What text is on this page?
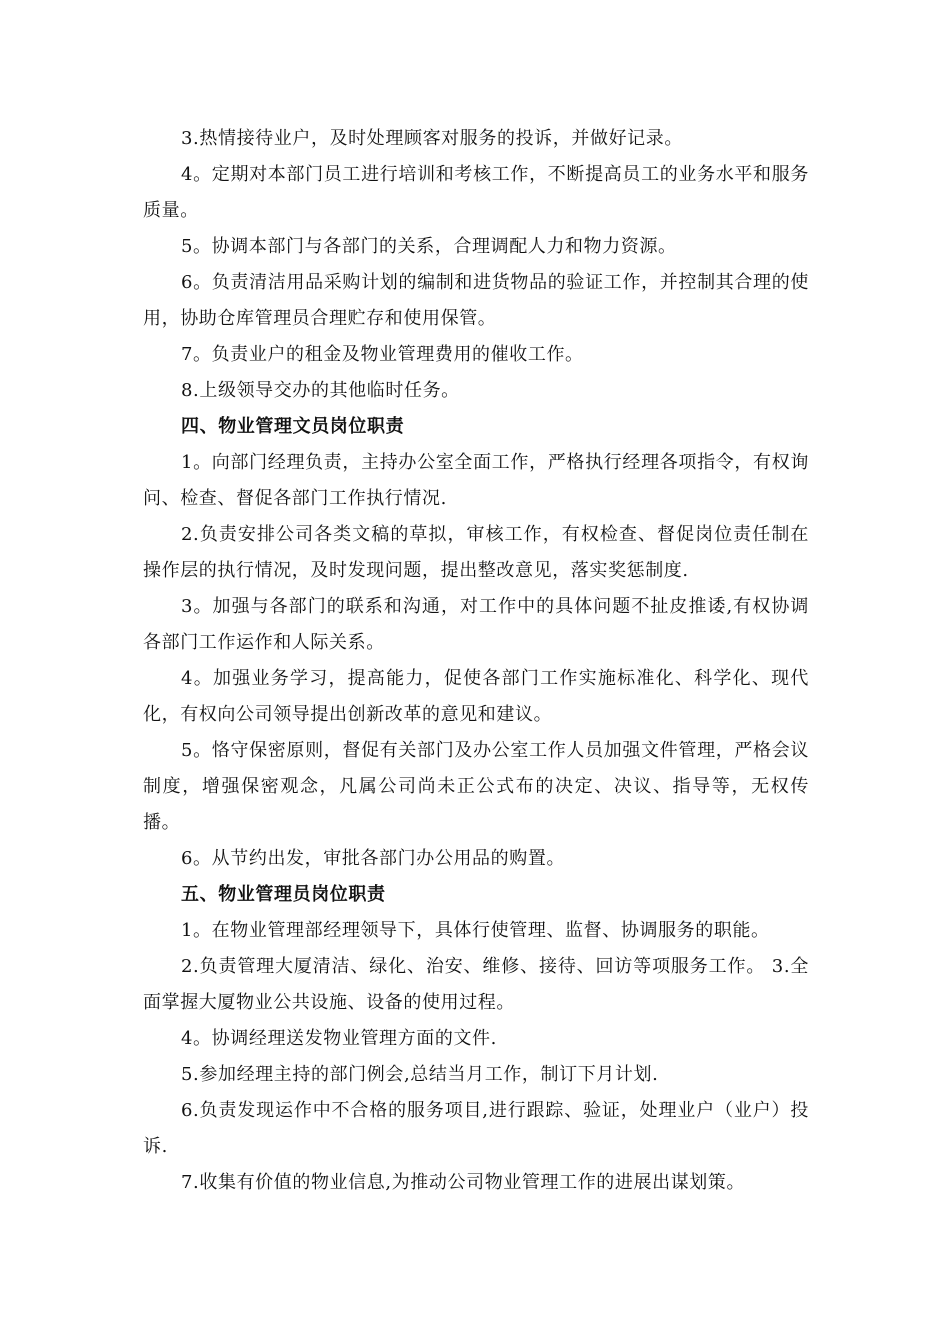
3.热情接待业户，及时处理顾客对服务的投诉，并做好记录。

4。定期对本部门员工进行培训和考核工作，不断提高员工的业务水平和服务质量。

5。协调本部门与各部门的关系，合理调配人力和物力资源。

6。负责清洁用品采购计划的编制和进货物品的验证工作，并控制其合理的使用，协助仓库管理员合理贮存和使用保管。

7。负责业户的租金及物业管理费用的催收工作。

8.上级领导交办的其他临时任务。

四、物业管理文员岗位职责

1。向部门经理负责，主持办公室全面工作，严格执行经理各项指令，有权询问、检查、督促各部门工作执行情况.

2.负责安排公司各类文稿的草拟，审核工作，有权检查、督促岗位责任制在操作层的执行情况，及时发现问题，提出整改意见，落实奖惩制度.

3。加强与各部门的联系和沟通，对工作中的具体问题不扯皮推诿,有权协调各部门工作运作和人际关系。

4。加强业务学习，提高能力，促使各部门工作实施标准化、科学化、现代化，有权向公司领导提出创新改革的意见和建议。

5。恪守保密原则，督促有关部门及办公室工作人员加强文件管理，严格会议制度，增强保密观念，凡属公司尚未正公式布的决定、决议、指导等，无权传播。

6。从节约出发，审批各部门办公用品的购置。

五、物业管理员岗位职责

1。在物业管理部经理领导下，具体行使管理、监督、协调服务的职能。

2.负责管理大厦清洁、绿化、治安、维修、接待、回访等项服务工作。 3.全面掌握大厦物业公共设施、设备的使用过程。

4。协调经理送发物业管理方面的文件.

5.参加经理主持的部门例会,总结当月工作，制订下月计划.

6.负责发现运作中不合格的服务项目,进行跟踪、验证，处理业户（业户）投诉.

7.收集有价值的物业信息,为推动公司物业管理工作的进展出谋划策。
